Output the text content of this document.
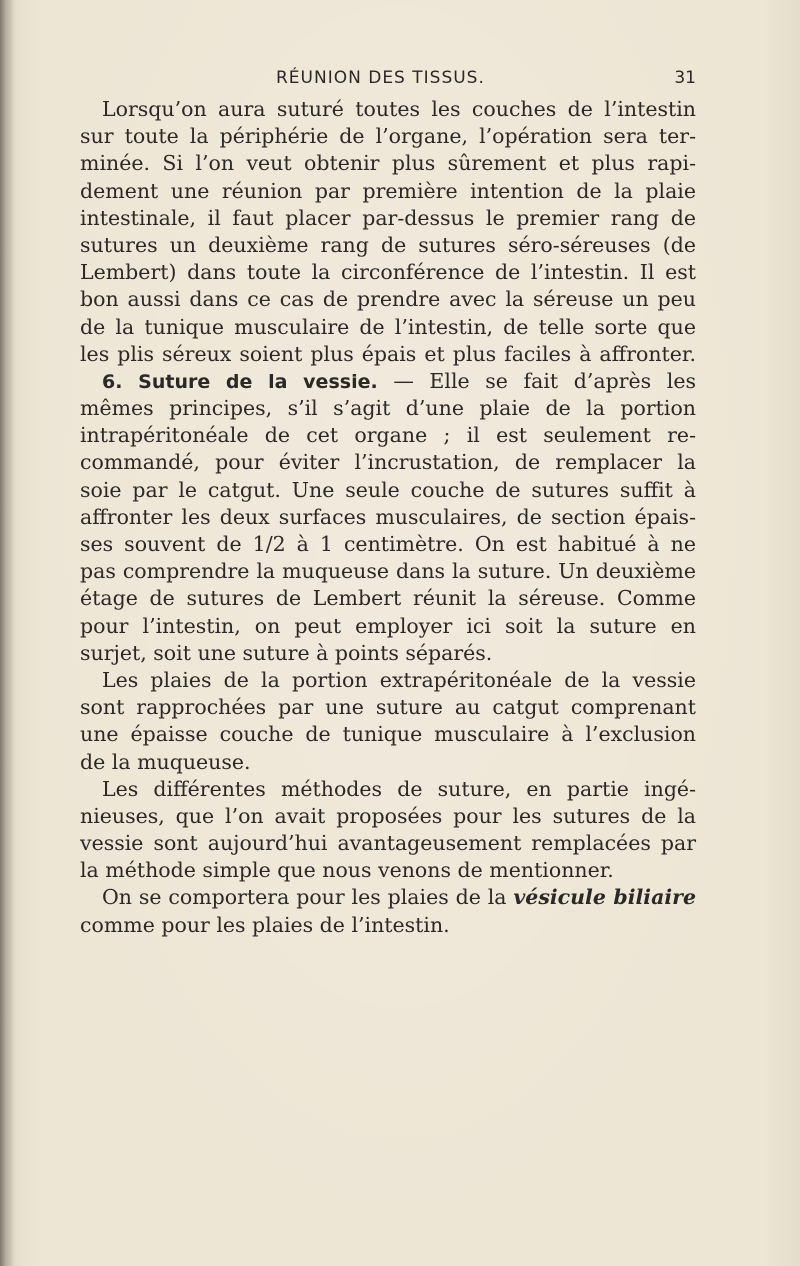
RÉUNION DES TISSUS.	31
Lorsqu’on aura suturé toutes les couches de l’intestin
sur toute la périphérie de l’organe, l’opération sera ter-
minée. Si l’on veut obtenir plus sûrement et plus rapi-
dement une réunion par première intention de la plaie
intestinale, il faut placer par-dessus le premier rang de
sutures un deuxième rang de sutures séro-séreuses (de
Lembert) dans toute la circonférence de l’intestin. Il est
bon aussi dans ce cas de prendre avec la séreuse un peu
de la tunique musculaire de l’intestin, de telle sorte que
les plis séreux soient plus épais et plus faciles à affronter.
6. Suture de la vessie. — Elle se fait d’après les
mêmes principes, s’il s’agit d’une plaie de la portion
intrapéritonéale de cet organe ; il est seulement re-
commandé, pour éviter l’incrustation, de remplacer la
soie par le catgut. Une seule couche de sutures suffit à
affronter les deux surfaces musculaires, de section épais-
ses souvent de 1/2 à 1 centimètre. On est habitué à ne
pas comprendre la muqueuse dans la suture. Un deuxième
étage de sutures de Lembert réunit la séreuse. Comme
pour l’intestin, on peut employer ici soit la suture en
surjet, soit une suture à points séparés.
Les plaies de la portion extrapéritonéale de la vessie
sont rapprochées par une suture au catgut comprenant
une épaisse couche de tunique musculaire à l’exclusion
de la muqueuse.
Les différentes méthodes de suture, en partie ingé-
nieuses, que l’on avait proposées pour les sutures de la
vessie sont aujourd’hui avantageusement remplacées par
la méthode simple que nous venons de mentionner.
On se comportera pour les plaies de la vésicule biliaire
comme pour les plaies de l’intestin.
